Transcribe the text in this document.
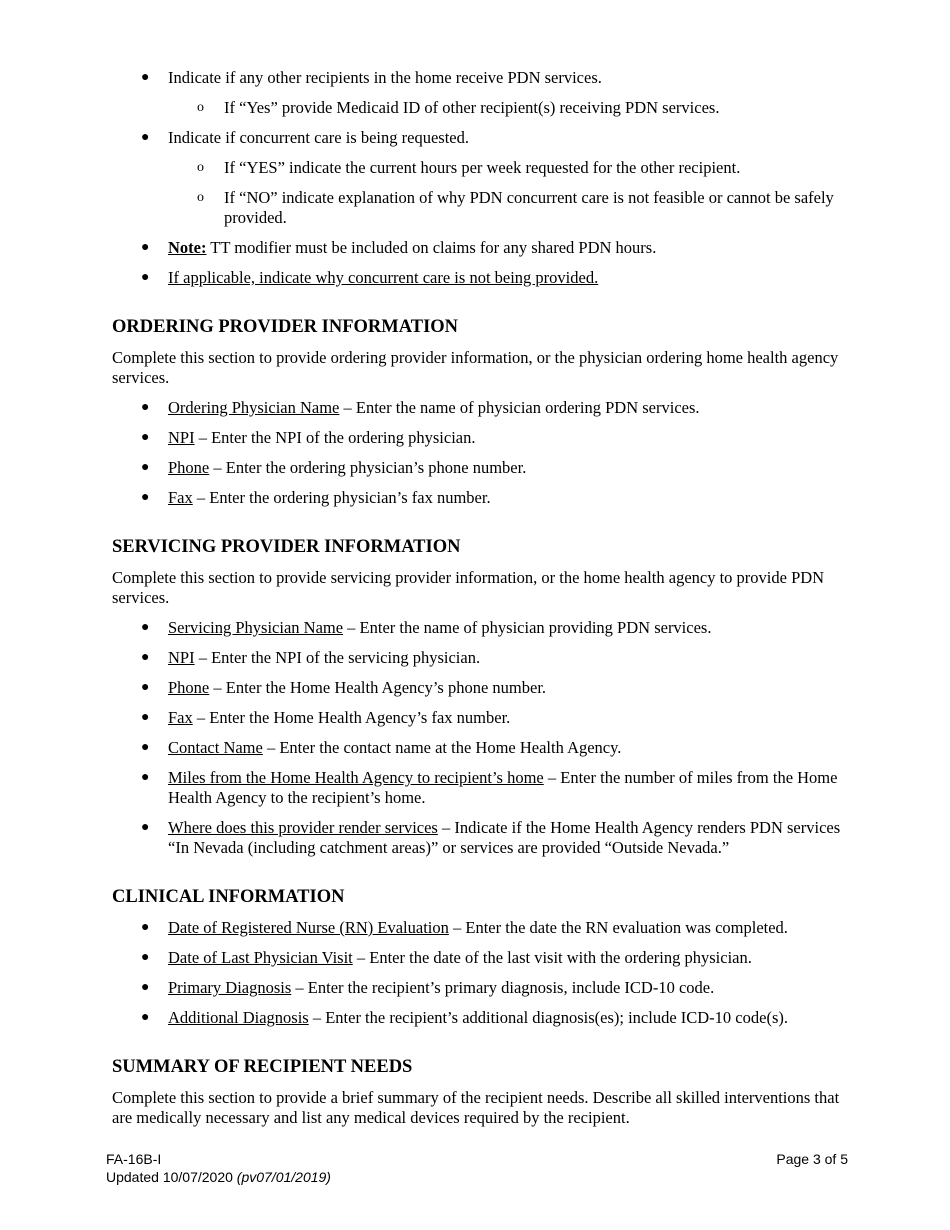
● Indicate if any other recipients in the home receive PDN services.
o If “Yes” provide Medicaid ID of other recipient(s) receiving PDN services.
● Indicate if concurrent care is being requested.
o If “YES” indicate the current hours per week requested for the other recipient.
o If “NO” indicate explanation of why PDN concurrent care is not feasible or cannot be safely provided.
● Note: TT modifier must be included on claims for any shared PDN hours.
● If applicable, indicate why concurrent care is not being provided.
ORDERING PROVIDER INFORMATION

Complete this section to provide ordering provider information, or the physician ordering home health agency services.

● Ordering Physician Name – Enter the name of physician ordering PDN services.
● NPI – Enter the NPI of the ordering physician.
● Phone – Enter the ordering physician’s phone number.
● Fax – Enter the ordering physician’s fax number.
SERVICING PROVIDER INFORMATION

Complete this section to provide servicing provider information, or the home health agency to provide PDN services.

● Servicing Physician Name – Enter the name of physician providing PDN services.
● NPI – Enter the NPI of the servicing physician.
● Phone – Enter the Home Health Agency’s phone number.
● Fax – Enter the Home Health Agency’s fax number.
● Contact Name – Enter the contact name at the Home Health Agency.
● Miles from the Home Health Agency to recipient’s home – Enter the number of miles from the Home Health Agency to the recipient’s home.
● Where does this provider render services – Indicate if the Home Health Agency renders PDN services “In Nevada (including catchment areas)” or services are provided “Outside Nevada.”
CLINICAL INFORMATION
● Date of Registered Nurse (RN) Evaluation – Enter the date the RN evaluation was completed.
● Date of Last Physician Visit – Enter the date of the last visit with the ordering physician.
● Primary Diagnosis – Enter the recipient’s primary diagnosis, include ICD-10 code.
● Additional Diagnosis – Enter the recipient’s additional diagnosis(es); include ICD-10 code(s).
SUMMARY OF RECIPIENT NEEDS

Complete this section to provide a brief summary of the recipient needs. Describe all skilled interventions that are medically necessary and list any medical devices required by the recipient.

FA-16B-I
Updated 10/07/2020 (pv07/01/2019)
Page 3 of 5
